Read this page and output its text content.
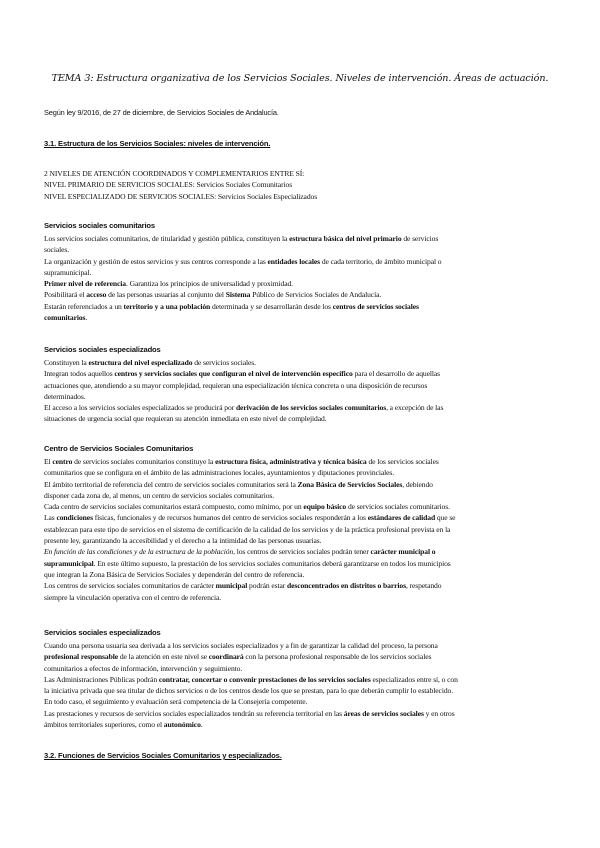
TEMA 3: Estructura organizativa de los Servicios Sociales. Niveles de intervención. Áreas de actuación.
Según ley 9/2016, de 27 de diciembre, de Servicios Sociales de Andalucía.
3.1. Estructura de los Servicios Sociales: niveles de intervención.
2 NIVELES DE ATENCIÓN COORDINADOS Y COMPLEMENTARIOS ENTRE SÍ:
NIVEL PRIMARIO DE SERVICIOS SOCIALES: Servicios Sociales Comunitarios
NIVEL ESPECIALIZADO DE SERVICIOS SOCIALES: Servicios Sociales Especializados
Servicios sociales comunitarios
Los servicios sociales comunitarios, de titularidad y gestión pública, constituyen la estructura básica del nivel primario de servicios
sociales.
La organización y gestión de estos servicios y sus centros corresponde a las entidades locales de cada territorio, de ámbito municipal o
supramunicipal.
Primer nivel de referencia. Garantiza los principios de universalidad y proximidad.
Posibilitará el acceso de las personas usuarias al conjunto del Sistema Público de Servicios Sociales de Andalucía.
Estarán referenciados a un territorio y a una población determinada y se desarrollarán desde los centros de servicios sociales
comunitarios.
Servicios sociales especializados
Constituyen la estructura del nivel especializado de servicios sociales.
Integran todos aquellos centros y servicios sociales que configuran el nivel de intervención específico para el desarrollo de aquellas
actuaciones que, atendiendo a su mayor complejidad, requieran una especialización técnica concreta o una disposición de recursos
determinados.
El acceso a los servicios sociales especializados se producirá por derivación de los servicios sociales comunitarios, a excepción de las
situaciones de urgencia social que requieran su atención inmediata en este nivel de complejidad.
Centro de Servicios Sociales Comunitarios
El centro de servicios sociales comunitarios constituye la estructura física, administrativa y técnica básica de los servicios sociales
comunitarios que se configura en el ámbito de las administraciones locales, ayuntamientos y diputaciones provinciales.
El ámbito territorial de referencia del centro de servicios sociales comunitarios será la Zona Básica de Servicios Sociales, debiendo
disponer cada zona de, al menos, un centro de servicios sociales comunitarios.
Cada centro de servicios sociales comunitarios estará compuesto, como mínimo, por un equipo básico de servicios sociales comunitarios.
Las condiciones físicas, funcionales y de recursos humanos del centro de servicios sociales responderán a los estándares de calidad que se
establezcan para este tipo de servicios en el sistema de certificación de la calidad de los servicios y de la práctica profesional prevista en la
presente ley, garantizando la accesibilidad y el derecho a la intimidad de las personas usuarias.
En función de las condiciones y de la estructura de la población, los centros de servicios sociales podrán tener carácter municipal o
supramunicipal. En este último supuesto, la prestación de los servicios sociales comunitarios deberá garantizarse en todos los municipios
que integran la Zona Básica de Servicios Sociales y dependerán del centro de referencia.
Los centros de servicios sociales comunitarios de carácter municipal podrán estar desconcentrados en distritos o barrios, respetando
siempre la vinculación operativa con el centro de referencia.
Servicios sociales especializados
Cuando una persona usuaria sea derivada a los servicios sociales especializados y a fin de garantizar la calidad del proceso, la persona
profesional responsable de la atención en este nivel se coordinará con la persona profesional responsable de los servicios sociales
comunitarios a efectos de información, intervención y seguimiento.
Las Administraciones Públicas podrán contratar, concertar o convenir prestaciones de los servicios sociales especializados entre sí, o con
la iniciativa privada que sea titular de dichos servicios o de los centros desde los que se prestan, para lo que deberán cumplir lo establecido.
En todo caso, el seguimiento y evaluación será competencia de la Consejería competente.
Las prestaciones y recursos de servicios sociales especializados tendrán su referencia territorial en las áreas de servicios sociales y en otros
ámbitos territoriales superiores, como el autonómico.
3.2. Funciones de Servicios Sociales Comunitarios y especializados.
